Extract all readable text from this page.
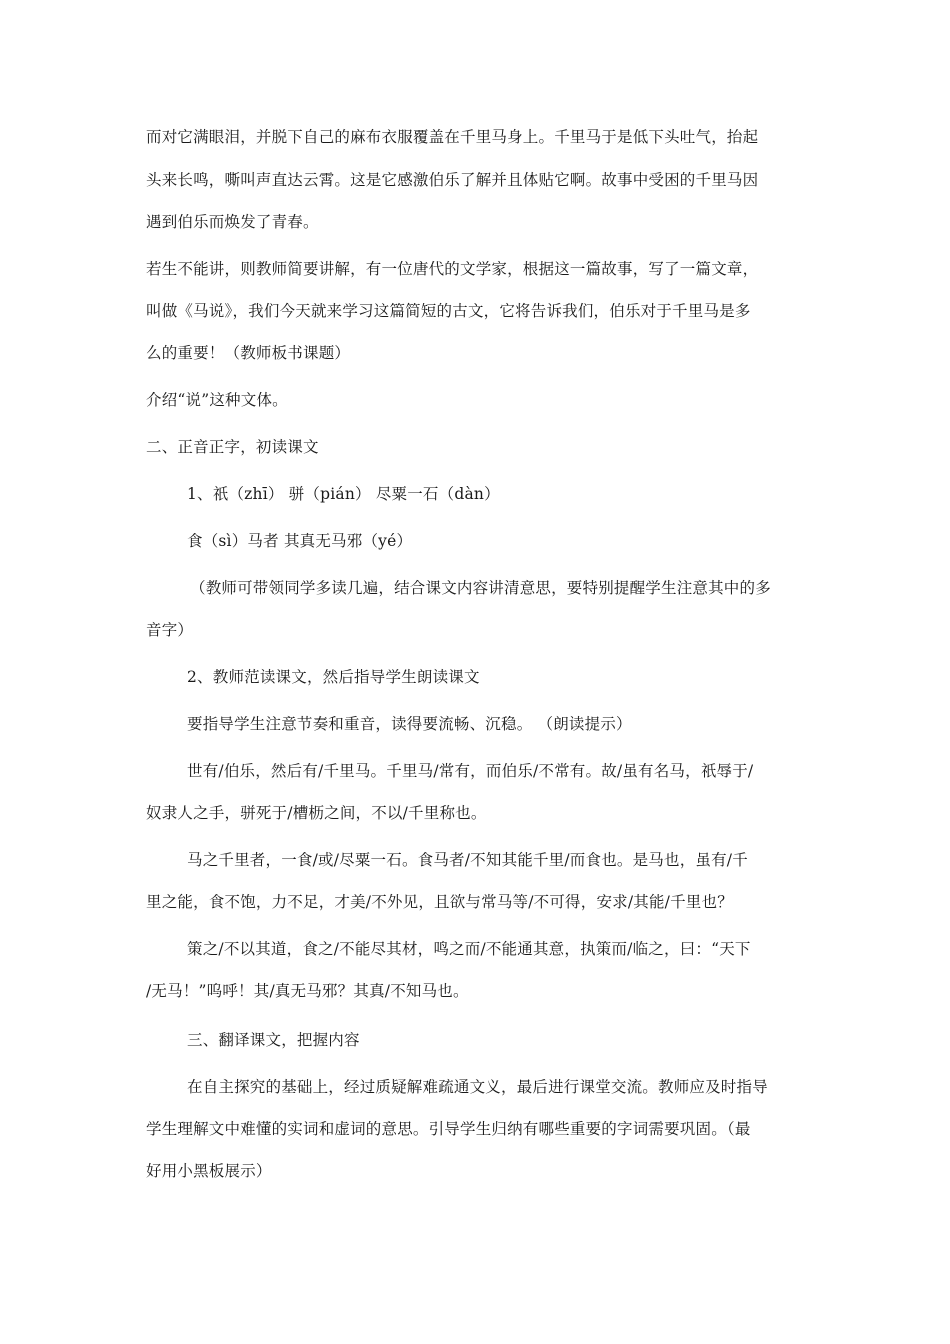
而对它满眼泪，并脱下自己的麻布衣服覆盖在千里马身上。千里马于是低下头吐气，抬起
头来长鸣，嘶叫声直达云霄。这是它感激伯乐了解并且体贴它啊。故事中受困的千里马因
遇到伯乐而焕发了青春。
若生不能讲，则教师简要讲解，有一位唐代的文学家，根据这一篇故事，写了一篇文章，
叫做《马说》，我们今天就来学习这篇简短的古文，它将告诉我们，伯乐对于千里马是多
么的重要！（教师板书课题）
介绍“说”这种文体。
二、正音正字，初读课文
1、祇（zhī） 骈（pián） 尽粟一石（dàn）
食（sì）马者 其真无马邪（yé）
（教师可带领同学多读几遍，结合课文内容讲清意思，要特别提醒学生注意其中的多
音字）
2、教师范读课文，然后指导学生朗读课文
要指导学生注意节奏和重音，读得要流畅、沉稳。 （朗读提示）
世有/伯乐，然后有/千里马。千里马/常有，而伯乐/不常有。故/虽有名马，祇辱于/
奴隶人之手，骈死于/槽枥之间，不以/千里称也。
马之千里者，一食/或/尽粟一石。食马者/不知其能千里/而食也。是马也，虽有/千
里之能，食不饱，力不足，才美/不外见，且欲与常马等/不可得，安求/其能/千里也？
策之/不以其道，食之/不能尽其材，鸣之而/不能通其意，执策而/临之，曰：“天下
/无马！”呜呼！其/真无马邪？其真/不知马也。
三、翻译课文，把握内容
在自主探究的基础上，经过质疑解难疏通文义，最后进行课堂交流。教师应及时指导
学生理解文中难懂的实词和虚词的意思。引导学生归纳有哪些重要的字词需要巩固。（最
好用小黑板展示）
